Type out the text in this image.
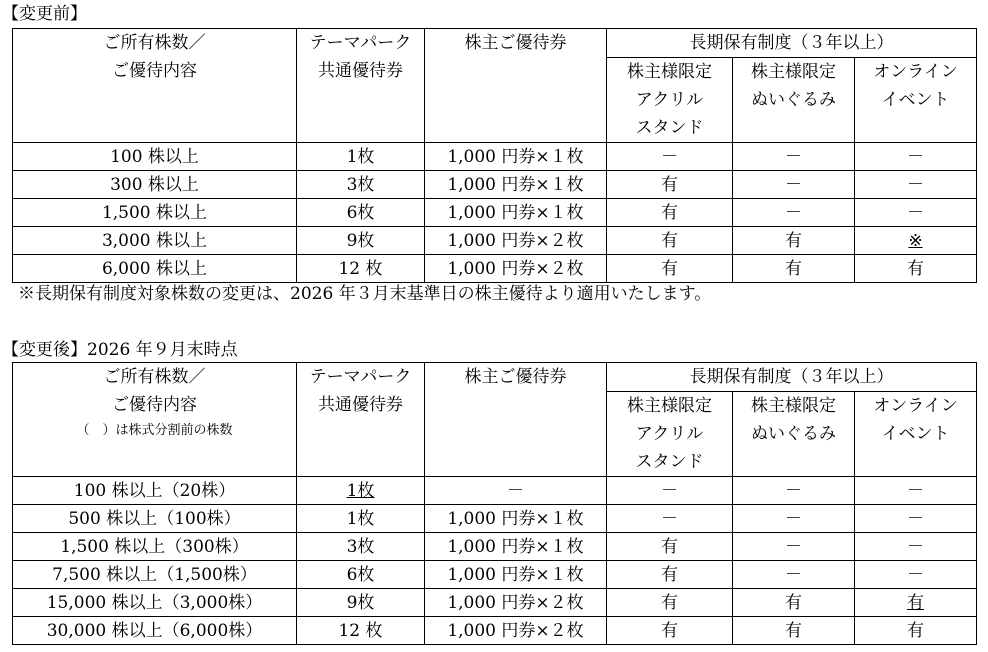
【変更前】
ご所有株数／
ご優待内容	テーマパーク
共通優待券	株主ご優待券	長期保有制度（３年以上）		

			株主様限定
アクリル
スタンド	株主様限定
ぬいぐるみ	オンライン
イベント

100 株以上	1枚	1,000 円券×１枚	－	－	－
300 株以上	3枚	1,000 円券×１枚	有	－	－
1,500 株以上	6枚	1,000 円券×１枚	有	－	－
3,000 株以上	9枚	1,000 円券×２枚	有	有	※
6,000 株以上	12 枚	1,000 円券×２枚	有	有	有
※長期保有制度対象株数の変更は、2026 年３月末基準日の株主優待より適用いたします。
【変更後】2026 年９月末時点
ご所有株数／
ご優待内容
（　）は株式分割前の株数	テーマパーク
共通優待券	株主ご優待券	長期保有制度（３年以上）		

			株主様限定
アクリル
スタンド	株主様限定
ぬいぐるみ	オンライン
イベント

100 株以上（20株）	1枚	－	－	－	－
500 株以上（100株）	1枚	1,000 円券×１枚	－	－	－
1,500 株以上（300株）	3枚	1,000 円券×１枚	有	－	－
7,500 株以上（1,500株）	6枚	1,000 円券×１枚	有	－	－
15,000 株以上（3,000株）	9枚	1,000 円券×２枚	有	有	有
30,000 株以上（6,000株）	12 枚	1,000 円券×２枚	有	有	有
